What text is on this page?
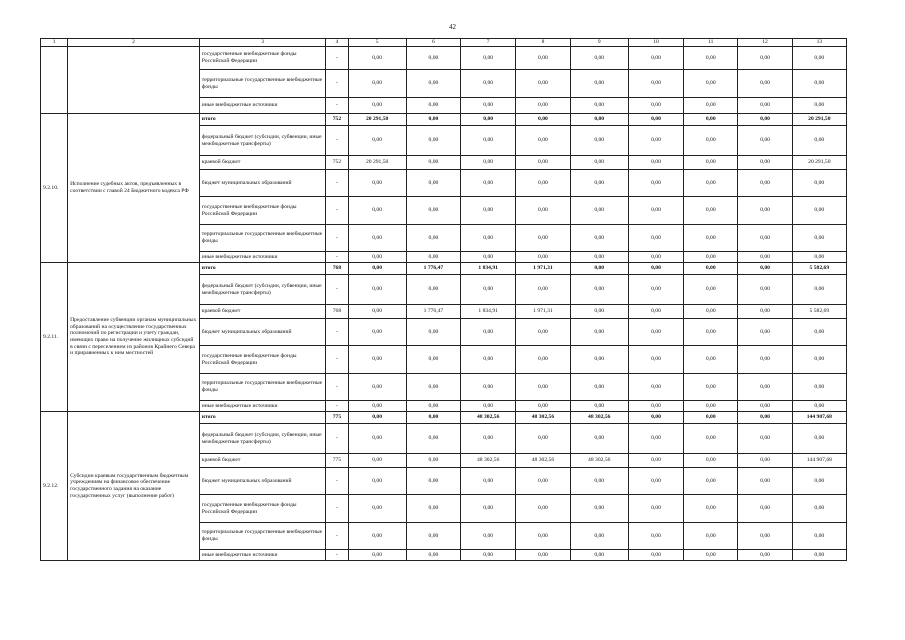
42
1	2	3	4	5	6	7	8	9	10	11	12	13
		государственные внебюджетные фонды Российской Федерации	-	0,00	0,00	0,00	0,00	0,00	0,00	0,00	0,00	0,00
		территориальные государственные внебюджетные фонды	-	0,00	0,00	0,00	0,00	0,00	0,00	0,00	0,00	0,00
		иные внебюджетные источники	-	0,00	0,00	0,00	0,00	0,00	0,00	0,00	0,00	0,00
9.2.10.	Исполнение судебных актов, предъявленных в соответствии с главой 24 Бюджетного кодекса РФ	итого	752	20 291,50	0,00	0,00	0,00	0,00	0,00	0,00	0,00	20 291,50
		федеральный бюджет (субсидии, субвенции, иные межбюджетные трансферты)	-	0,00	0,00	0,00	0,00	0,00	0,00	0,00	0,00	0,00
		краевой бюджет	752	20 291,50	0,00	0,00	0,00	0,00	0,00	0,00	0,00	20 291,50
		бюджет муниципальных образований	-	0,00	0,00	0,00	0,00	0,00	0,00	0,00	0,00	0,00
		государственные внебюджетные фонды Российской Федерации	-	0,00	0,00	0,00	0,00	0,00	0,00	0,00	0,00	0,00
		территориальные государственные внебюджетные фонды	-	0,00	0,00	0,00	0,00	0,00	0,00	0,00	0,00	0,00
		иные внебюджетные источники	-	0,00	0,00	0,00	0,00	0,00	0,00	0,00	0,00	0,00
9.2.11.	Предоставление субвенции органам муниципальных образований на осуществление государственных полномочий по регистрации и учету граждан, имеющих право на получение жилищных субсидий в связи с переселением из районов Крайнего Севера и приравненных к ним местностей	итого	768	0,00	1 776,47	1 834,91	1 971,31	0,00	0,00	0,00	0,00	5 582,69
		федеральный бюджет (субсидии, субвенции, иные межбюджетные трансферты)	-	0,00	0,00	0,00	0,00	0,00	0,00	0,00	0,00	0,00
		краевой бюджет	768	0,00	1 776,47	1 834,91	1 971,31	0,00	0,00	0,00	0,00	5 582,69
		бюджет муниципальных образований	-	0,00	0,00	0,00	0,00	0,00	0,00	0,00	0,00	0,00
		государственные внебюджетные фонды Российской Федерации	-	0,00	0,00	0,00	0,00	0,00	0,00	0,00	0,00	0,00
		территориальные государственные внебюджетные фонды	-	0,00	0,00	0,00	0,00	0,00	0,00	0,00	0,00	0,00
		иные внебюджетные источники	-	0,00	0,00	0,00	0,00	0,00	0,00	0,00	0,00	0,00
9.2.12.	Субсидии краевым государственным бюджетным учреждениям на финансовое обеспечение государственного задания на оказание государственных услуг (выполнение работ)	итого	775	0,00	0,00	48 302,56	48 302,56	48 302,56	0,00	0,00	0,00	144 907,68
		федеральный бюджет (субсидии, субвенции, иные межбюджетные трансферты)	-	0,00	0,00	0,00	0,00	0,00	0,00	0,00	0,00	0,00
		краевой бюджет	775	0,00	0,00	48 302,56	48 302,56	48 302,56	0,00	0,00	0,00	144 907,68
		бюджет муниципальных образований	-	0,00	0,00	0,00	0,00	0,00	0,00	0,00	0,00	0,00
		государственные внебюджетные фонды Российской Федерации	-	0,00	0,00	0,00	0,00	0,00	0,00	0,00	0,00	0,00
		территориальные государственные внебюджетные фонды	-	0,00	0,00	0,00	0,00	0,00	0,00	0,00	0,00	0,00
		иные внебюджетные источники	-	0,00	0,00	0,00	0,00	0,00	0,00	0,00	0,00	0,00
